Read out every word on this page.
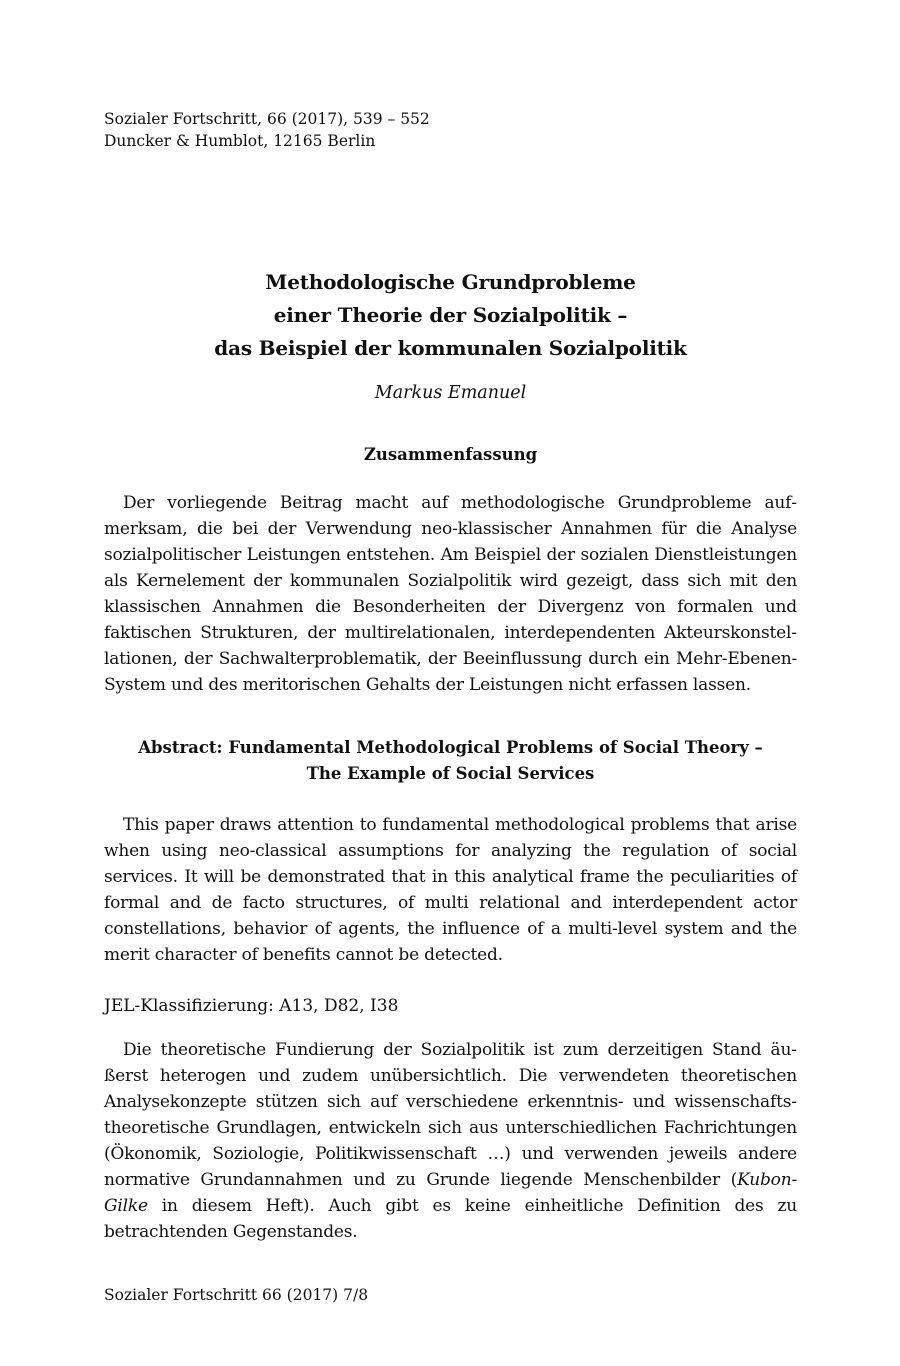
Sozialer Fortschritt, 66 (2017), 539 – 552
Duncker & Humblot, 12165 Berlin
Methodologische Grundprobleme
einer Theorie der Sozialpolitik –
das Beispiel der kommunalen Sozialpolitik
Markus Emanuel
Zusammenfassung
Der vorliegende Beitrag macht auf methodologische Grundprobleme aufmerksam, die bei der Verwendung neo-klassischer Annahmen für die Analyse sozialpolitischer Leistungen entstehen. Am Beispiel der sozialen Dienstleistungen als Kernelement der kommunalen Sozialpolitik wird gezeigt, dass sich mit den klassischen Annahmen die Besonderheiten der Divergenz von formalen und faktischen Strukturen, der multirelationalen, interdependenten Akteurskonstellationen, der Sachwalterproblematik, der Beeinflussung durch ein Mehr-Ebenen-System und des meritorischen Gehalts der Leistungen nicht erfassen lassen.
Abstract: Fundamental Methodological Problems of Social Theory –
The Example of Social Services
This paper draws attention to fundamental methodological problems that arise when using neo-classical assumptions for analyzing the regulation of social services. It will be demonstrated that in this analytical frame the peculiarities of formal and de facto structures, of multi relational and interdependent actor constellations, behavior of agents, the influence of a multi-level system and the merit character of benefits cannot be detected.
JEL-Klassifizierung: A13, D82, I38
Die theoretische Fundierung der Sozialpolitik ist zum derzeitigen Stand äußerst heterogen und zudem unübersichtlich. Die verwendeten theoretischen Analysekonzepte stützen sich auf verschiedene erkenntnis- und wissenschaftstheoretische Grundlagen, entwickeln sich aus unterschiedlichen Fachrichtungen (Ökonomik, Soziologie, Politikwissenschaft …) und verwenden jeweils andere normative Grundannahmen und zu Grunde liegende Menschenbilder (Kubon-Gilke in diesem Heft). Auch gibt es keine einheitliche Definition des zu betrachtenden Gegenstandes.
Sozialer Fortschritt 66 (2017) 7/8
